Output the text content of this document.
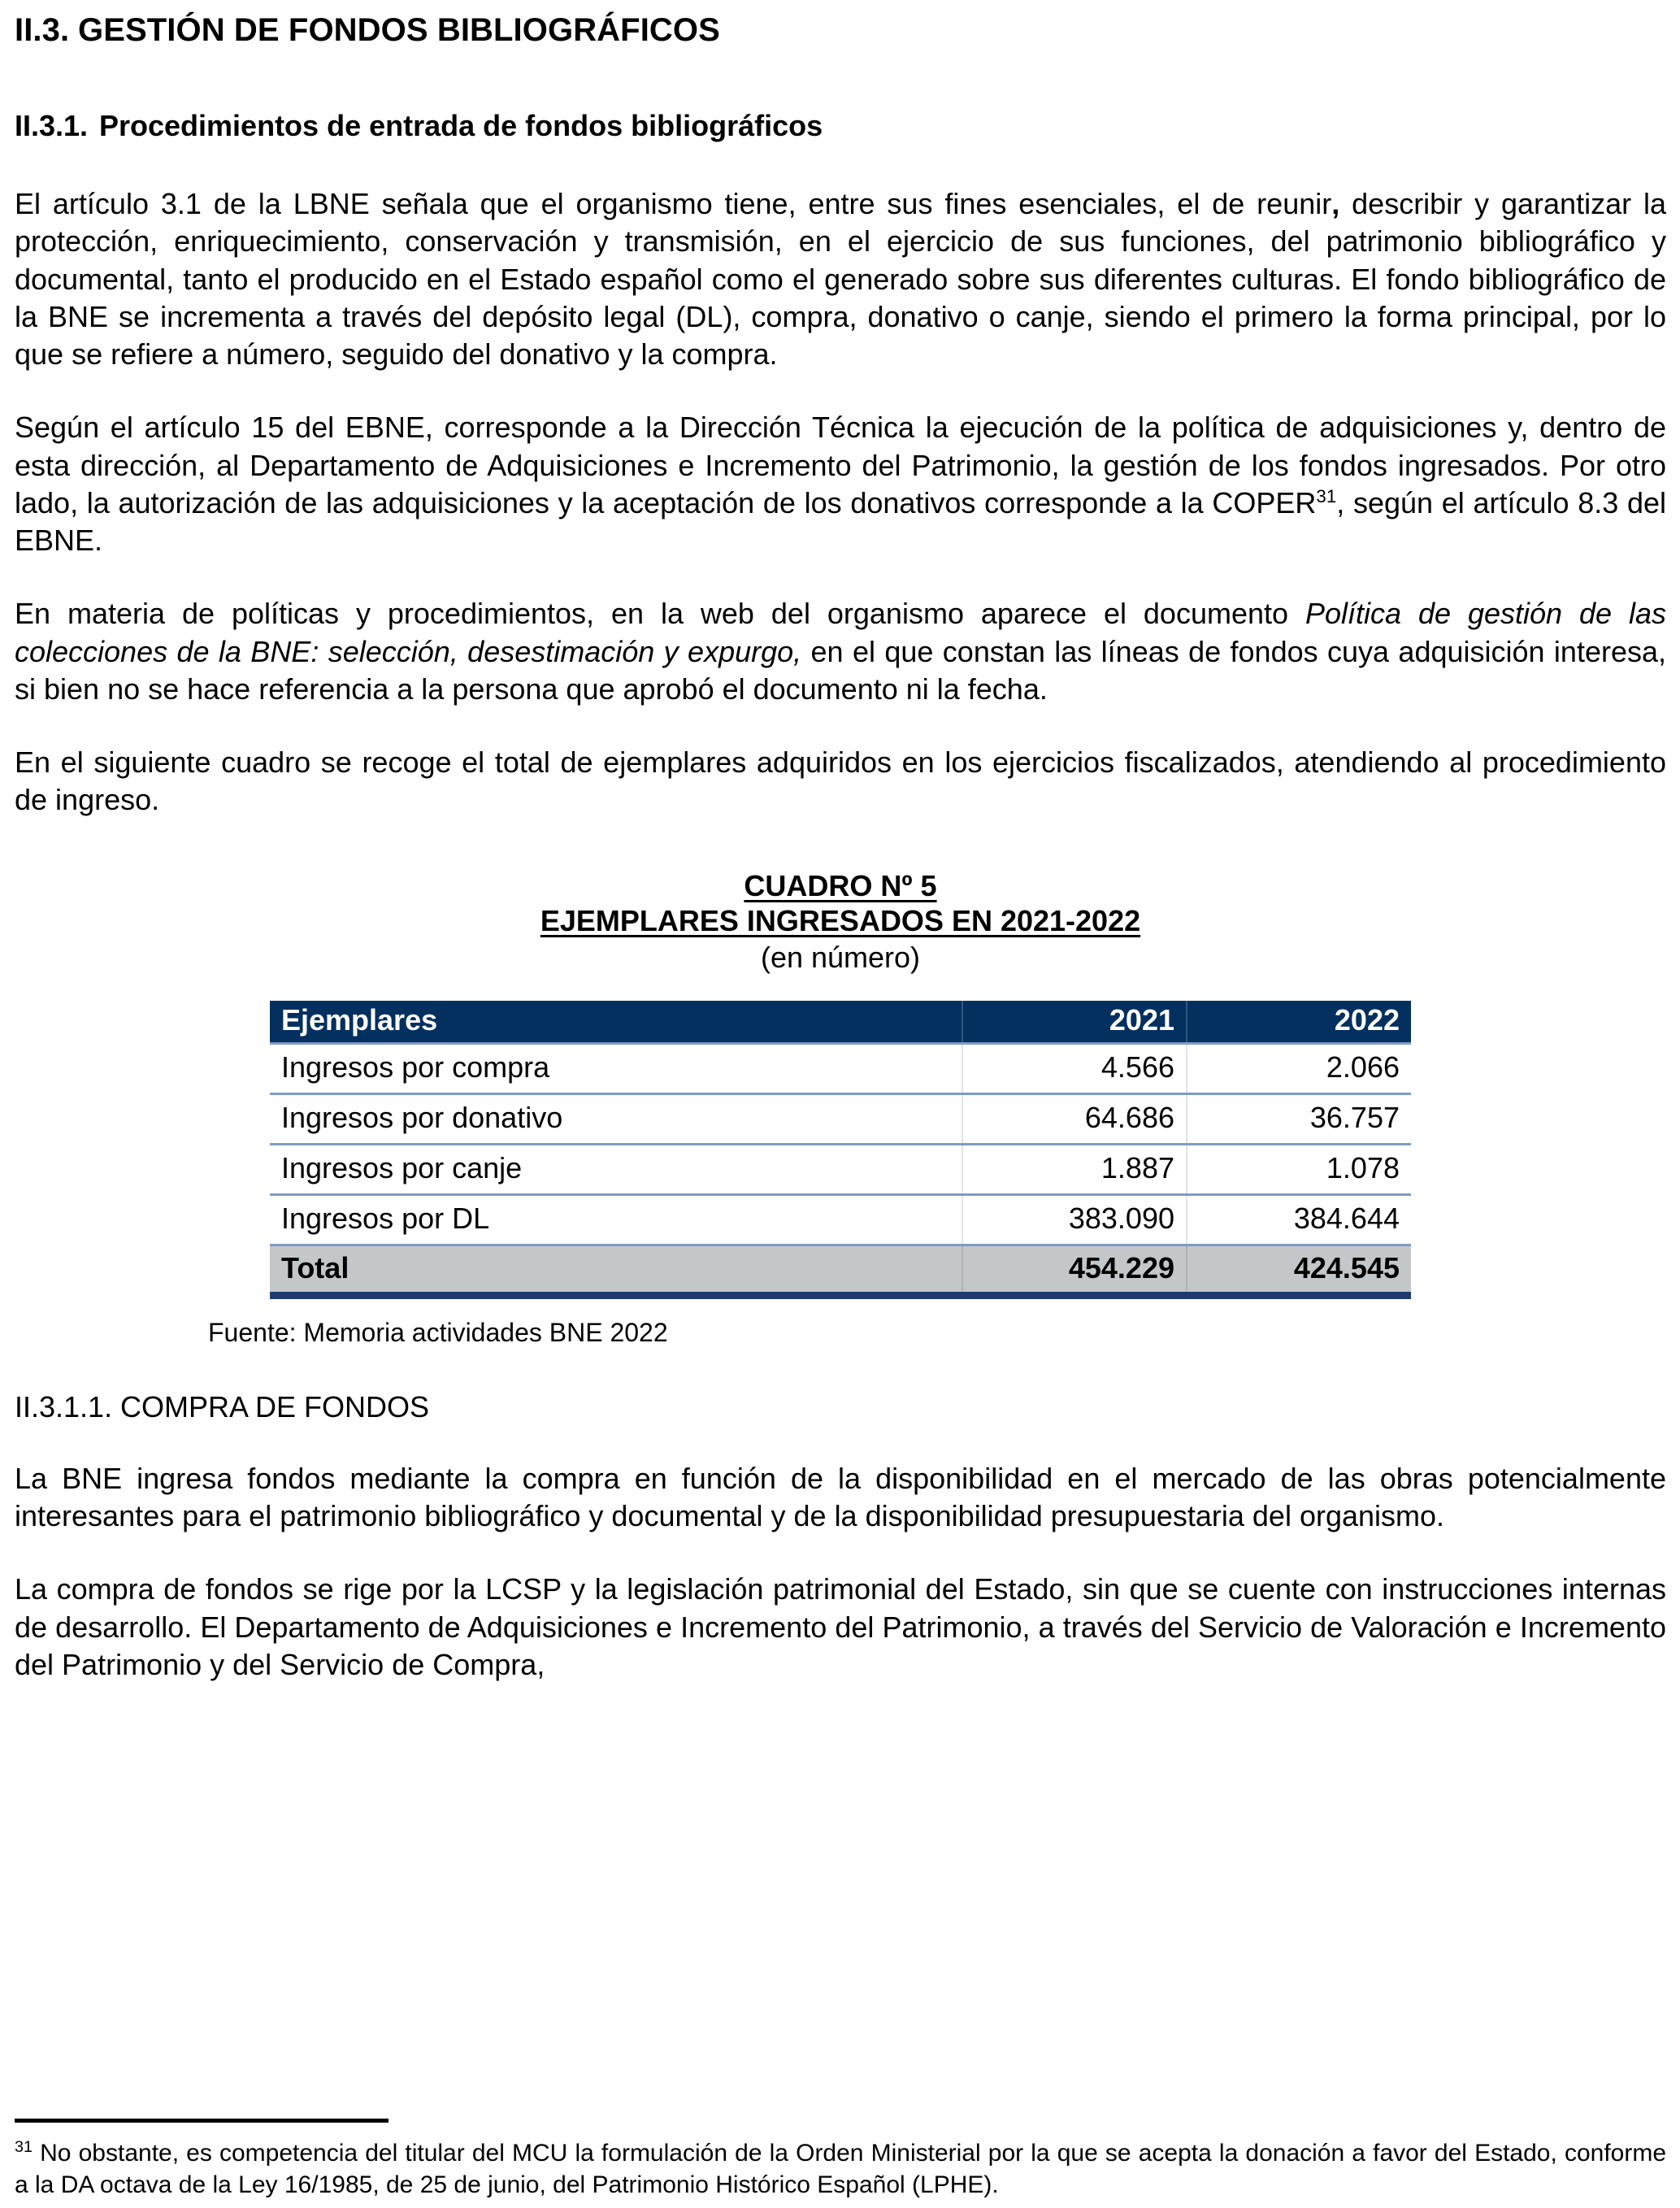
II.3. GESTIÓN DE FONDOS BIBLIOGRÁFICOS
II.3.1. Procedimientos de entrada de fondos bibliográficos

El artículo 3.1 de la LBNE señala que el organismo tiene, entre sus fines esenciales, el de reunir, describir y garantizar la protección, enriquecimiento, conservación y transmisión, en el ejercicio de sus funciones, del patrimonio bibliográfico y documental, tanto el producido en el Estado español como el generado sobre sus diferentes culturas. El fondo bibliográfico de la BNE se incrementa a través del depósito legal (DL), compra, donativo o canje, siendo el primero la forma principal, por lo que se refiere a número, seguido del donativo y la compra.

Según el artículo 15 del EBNE, corresponde a la Dirección Técnica la ejecución de la política de adquisiciones y, dentro de esta dirección, al Departamento de Adquisiciones e Incremento del Patrimonio, la gestión de los fondos ingresados. Por otro lado, la autorización de las adquisiciones y la aceptación de los donativos corresponde a la COPER$^{31}$, según el artículo 8.3 del EBNE.

En materia de políticas y procedimientos, en la web del organismo aparece el documento Política de gestión de las colecciones de la BNE: selección, desestimación y expurgo, en el que constan las líneas de fondos cuya adquisición interesa, si bien no se hace referencia a la persona que aprobó el documento ni la fecha.

En el siguiente cuadro se recoge el total de ejemplares adquiridos en los ejercicios fiscalizados, atendiendo al procedimiento de ingreso.

CUADRO Nº 5
EJEMPLARES INGRESADOS EN 2021-2022
(en número)
Ejemplares	2021	2022
Ingresos por compra	4.566	2.066
Ingresos por donativo	64.686	36.757
Ingresos por canje	1.887	1.078
Ingresos por DL	383.090	384.644
Total	454.229	424.545

Fuente: Memoria actividades BNE 2022

II.3.1.1. COMPRA DE FONDOS

La BNE ingresa fondos mediante la compra en función de la disponibilidad en el mercado de las obras potencialmente interesantes para el patrimonio bibliográfico y documental y de la disponibilidad presupuestaria del organismo.

La compra de fondos se rige por la LCSP y la legislación patrimonial del Estado, sin que se cuente con instrucciones internas de desarrollo. El Departamento de Adquisiciones e Incremento del Patrimonio, a través del Servicio de Valoración e Incremento del Patrimonio y del Servicio de Compra,

$^{31}$ No obstante, es competencia del titular del MCU la formulación de la Orden Ministerial por la que se acepta la donación a favor del Estado, conforme a la DA octava de la Ley 16/1985, de 25 de junio, del Patrimonio Histórico Español (LPHE).
